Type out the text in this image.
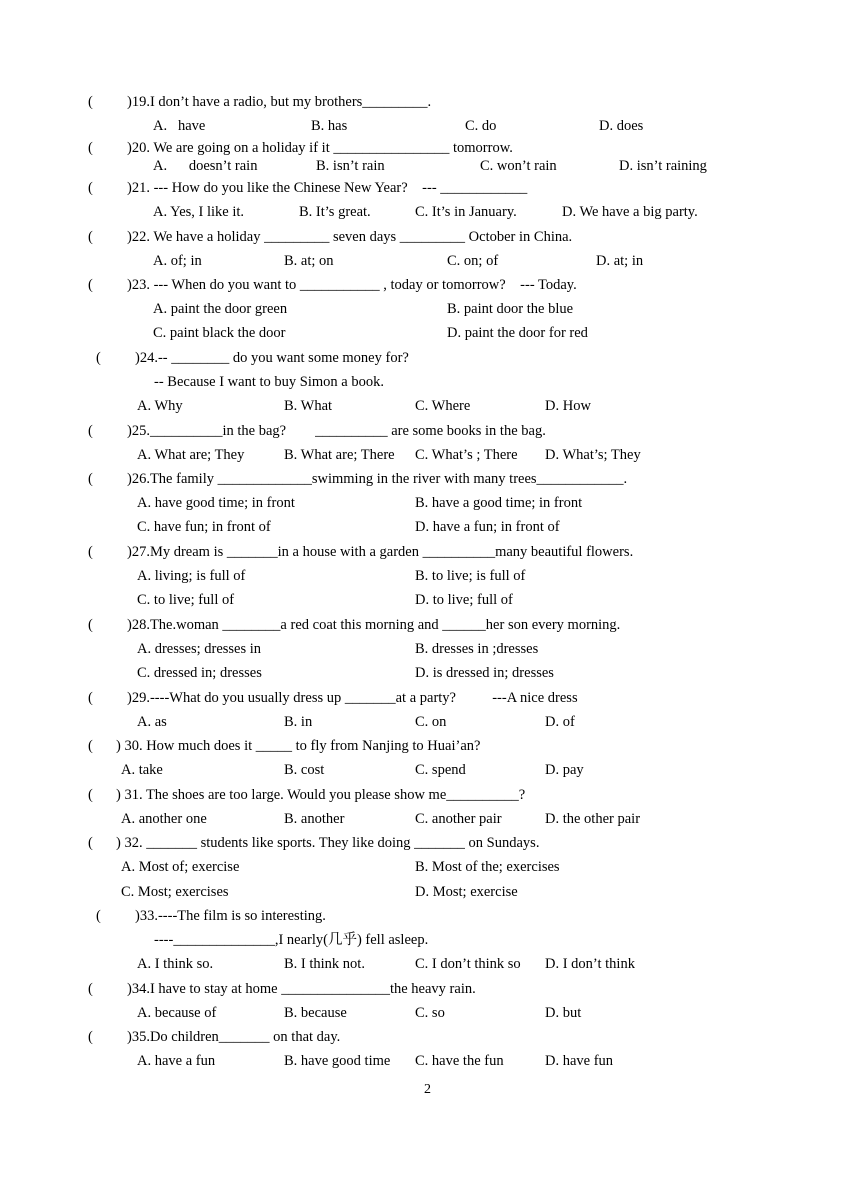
( )19.I don’t have a radio, but my brothers_________.
A.   have	B. has	C. do	D. does
( )20. We are going on a holiday if it ________________ tomorrow.
A.      doesn’t rain	B. isn’t rain	C. won’t rain	D. isn’t raining
( )21. --- How do you like the Chinese New Year?    --- ____________
A. Yes, I like it.	B. It’s great.	C. It’s in January.	D. We have a big party.
( )22. We have a holiday _________ seven days _________ October in China.
A. of; in	B. at; on	C. on; of	D. at; in
( )23. --- When do you want to ___________ , today or tomorrow?    --- Today.
A. paint the door green	B. paint door the blue
C. paint black the door	D. paint the door for red
( )24.-- ________ do you want some money for?
-- Because I want to buy Simon a book.
A. Why	B. What	C. Where	D. How
( )25.__________in the bag?        __________ are some books in the bag.
A. What are; They	B. What are; There C. What’s ; There D. What’s; They
( )26.The family _____________swimming in the river with many trees____________.
A. have good time; in front	B. have a good time; in front
C. have fun; in front of	D. have a fun; in front of
( )27.My dream is _______in a house with a garden __________many beautiful flowers.
A. living; is full of	B. to live; is full of
C. to live; full of	D. to live; full of
( )28.The.woman ________a red coat this morning and ______her son every morning.
A. dresses; dresses in	B. dresses in ;dresses
C. dressed in; dresses	D. is dressed in; dresses
( )29.----What do you usually dress up _______at a party?          ---A nice dress
A. as	B. in	C. on	D. of
( ) 30. How much does it _____ to fly from Nanjing to Huai’an?
A. take	B. cost	C. spend	D. pay
( ) 31. The shoes are too large. Would you please show me__________?
A. another one	B. another	C. another pair	D. the other pair
( ) 32. _______ students like sports. They like doing _______ on Sundays.
A. Most of; exercise	B. Most of the; exercises
C. Most; exercises	D. Most; exercise
( )33.----The film is so interesting.
----______________,I nearly(几乎) fell asleep.
A. I think so.	B. I think not.	C. I don’t think so D. I don’t think
( )34.I have to stay at home _______________the heavy rain.
A. because of	B. because	C. so	D. but
( )35.Do children_______ on that day.
A. have a fun	B. have good time C. have the fun	D. have fun
2
